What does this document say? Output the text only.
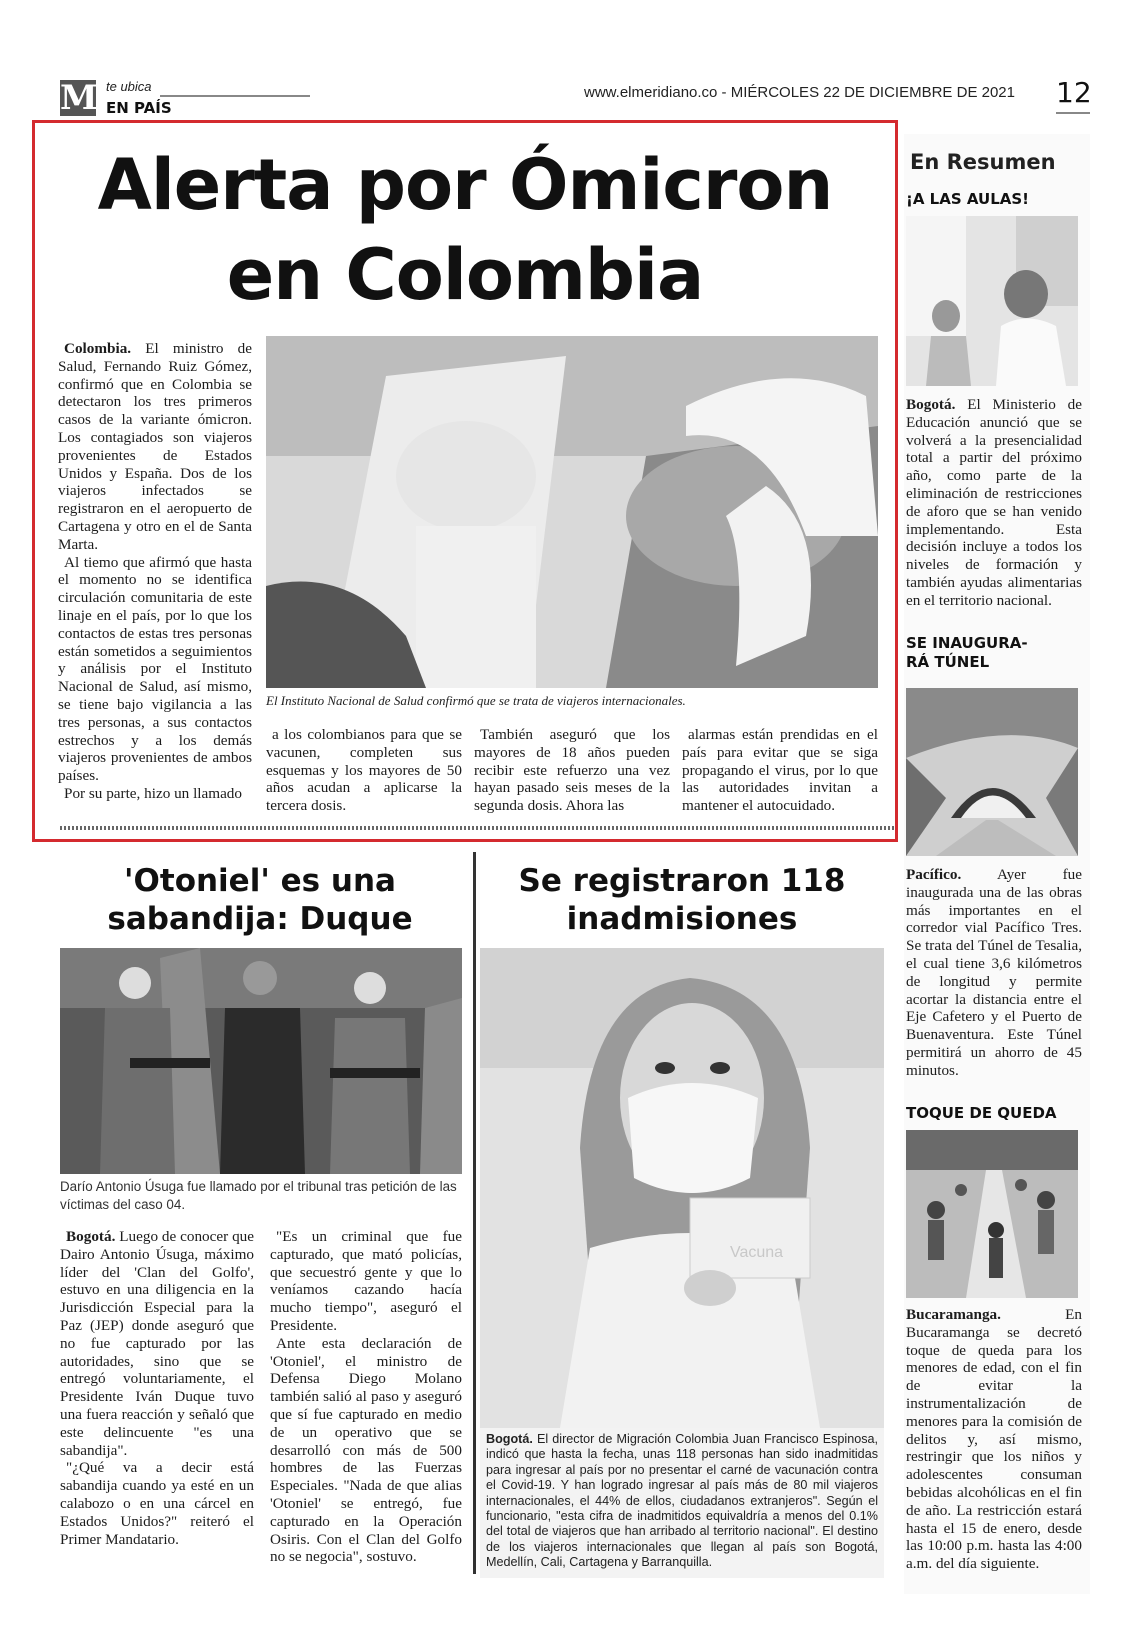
M te ubica
EN PAÍS
www.elmeridiano.co - MIÉRCOLES 22 DE DICIEMBRE DE 2021	12
Alerta por Ómicron
en Colombia

Colombia. El ministro de Salud, Fernando Ruiz Gómez, confirmó que en Colombia se detectaron los tres primeros casos de la variante ómicron. Los contagiados son viajeros provenientes de Estados Unidos y España. Dos de los viajeros infectados se registraron en el aeropuerto de Cartagena y otro en el de Santa Marta.

Al tiemo que afirmó que hasta el momento no se identifica circulación comunitaria de este linaje en el país, por lo que los contactos de estas tres personas están sometidos a seguimientos y análisis por el Instituto Nacional de Salud, así mismo, se tiene bajo vigilancia a las tres personas, a sus contactos estrechos y a los demás viajeros provenientes de ambos países.

Por su parte, hizo un llamado

El Instituto Nacional de Salud confirmó que se trata de viajeros internacionales.

a los colombianos para que se vacunen, completen sus esquemas y los mayores de 50 años acudan a aplicarse la tercera dosis.

También aseguró que los mayores de 18 años pueden recibir este refuerzo una vez hayan pasado seis meses de la segunda dosis. Ahora las

alarmas están prendidas en el país para evitar que se siga propagando el virus, por lo que las autoridades invitan a mantener el autocuidado.

En Resumen
¡A LAS AULAS!
Bogotá. El Ministerio de Educación anunció que se volverá a la presencialidad total a partir del próximo año, como parte de la eliminación de restricciones de aforo que se han venido implementando. Esta decisión incluye a todos los niveles de formación y también ayudas alimentarias en el territorio nacional.
SE INAUGURA-
RÁ TÚNEL
Pacífico. Ayer fue inaugurada una de las obras más importantes en el corredor vial Pacífico Tres. Se trata del Túnel de Tesalia, el cual tiene 3,6 kilómetros de longitud y permite acortar la distancia entre el Eje Cafetero y el Puerto de Buenaventura. Este Túnel permitirá un ahorro de 45 minutos.
TOQUE DE QUEDA
Bucaramanga. En Bucaramanga se decretó toque de queda para los menores de edad, con el fin de evitar la instrumentalización de menores para la comisión de delitos y, así mismo, restringir que los niños y adolescentes consuman bebidas alcohólicas en el fin de año. La restricción estará hasta el 15 de enero, desde las 10:00 p.m. hasta las 4:00 a.m. del día siguiente.
'Otoniel' es una
sabandija: Duque
Darío Antonio Úsuga fue llamado por el tribunal tras petición de las víctimas del caso 04.

Bogotá. Luego de conocer que Dairo Antonio Úsuga, máximo líder del 'Clan del Golfo', estuvo en una diligencia en la Jurisdicción Especial para la Paz (JEP) donde aseguró que no fue capturado por las autoridades, sino que se entregó voluntariamente, el Presidente Iván Duque tuvo una fuera reacción y señaló que este delincuente "es una sabandija".

"¿Qué va a decir está sabandija cuando ya esté en un calabozo o en una cárcel en Estados Unidos?" reiteró el Primer Mandatario.

"Es un criminal que fue capturado, que mató policías, que secuestró gente y que lo veníamos cazando hacía mucho tiempo", aseguró el Presidente.

Ante esta declaración de 'Otoniel', el ministro de Defensa Diego Molano también salió al paso y aseguró que sí fue capturado en medio de un operativo que se desarrolló con más de 500 hombres de las Fuerzas Especiales. "Nada de que alias 'Otoniel' se entregó, fue capturado en la Operación Osiris. Con el Clan del Golfo no se negocia", sostuvo.

Se registraron 118
inadmisiones
Vacuna
Bogotá. El director de Migración Colombia Juan Francisco Espinosa, indicó que hasta la fecha, unas 118 personas han sido inadmitidas para ingresar al país por no presentar el carné de vacunación contra el Covid-19. Y han logrado ingresar al país más de 80 mil viajeros internacionales, el 44% de ellos, ciudadanos extranjeros". Según el funcionario, "esta cifra de inadmitidos equivaldría a menos del 0.1% del total de viajeros que han arribado al territorio nacional". El destino de los viajeros internacionales que llegan al país son Bogotá, Medellín, Cali, Cartagena y Barranquilla.
